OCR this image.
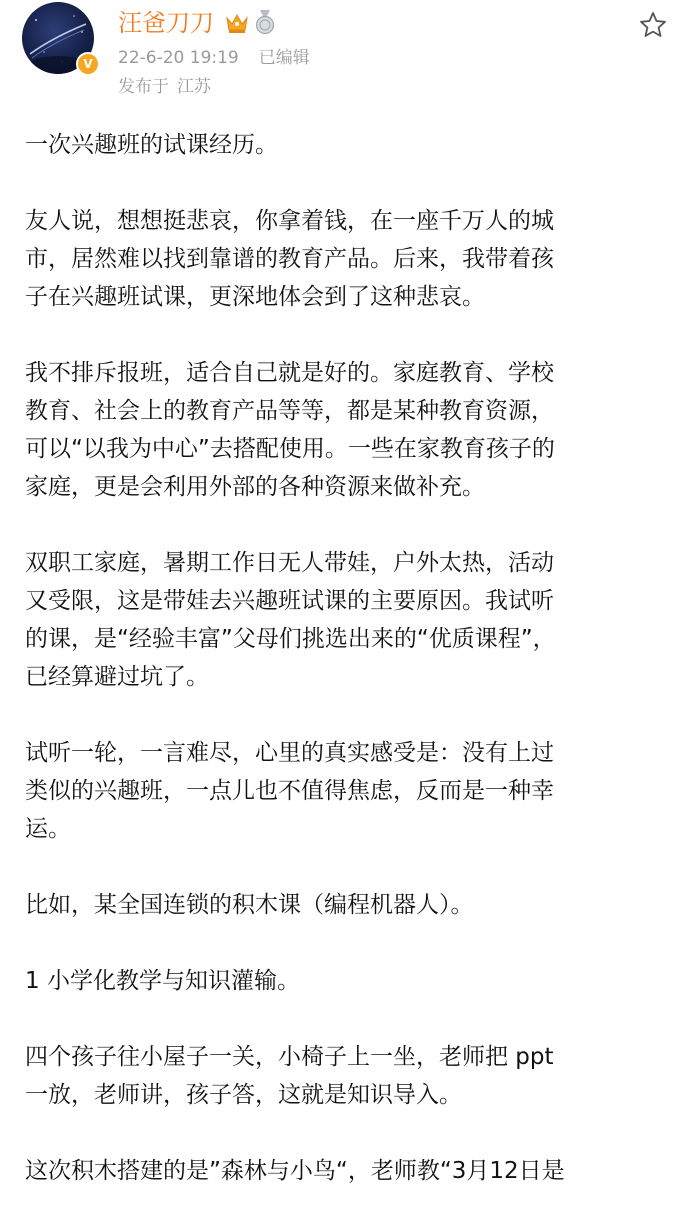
V
汪爸刀刀
22-6-20 19:19 已编辑
发布于 江苏

一次兴趣班的试课经历。

友人说，想想挺悲哀，你拿着钱，在一座千万人的城
市，居然难以找到靠谱的教育产品。后来，我带着孩
子在兴趣班试课，更深地体会到了这种悲哀。

我不排斥报班，适合自己就是好的。家庭教育、学校
教育、社会上的教育产品等等，都是某种教育资源，
可以“以我为中心”去搭配使用。一些在家教育孩子的
家庭，更是会利用外部的各种资源来做补充。

双职工家庭，暑期工作日无人带娃，户外太热，活动
又受限，这是带娃去兴趣班试课的主要原因。我试听
的课，是“经验丰富”父母们挑选出来的“优质课程”，
已经算避过坑了。

试听一轮，一言难尽，心里的真实感受是：没有上过
类似的兴趣班，一点儿也不值得焦虑，反而是一种幸
运。

比如，某全国连锁的积木课（编程机器人）。

1 小学化教学与知识灌输。

四个孩子往小屋子一关，小椅子上一坐，老师把 ppt
一放，老师讲，孩子答，这就是知识导入。

这次积木搭建的是”森林与小鸟“，老师教“3月12日是
